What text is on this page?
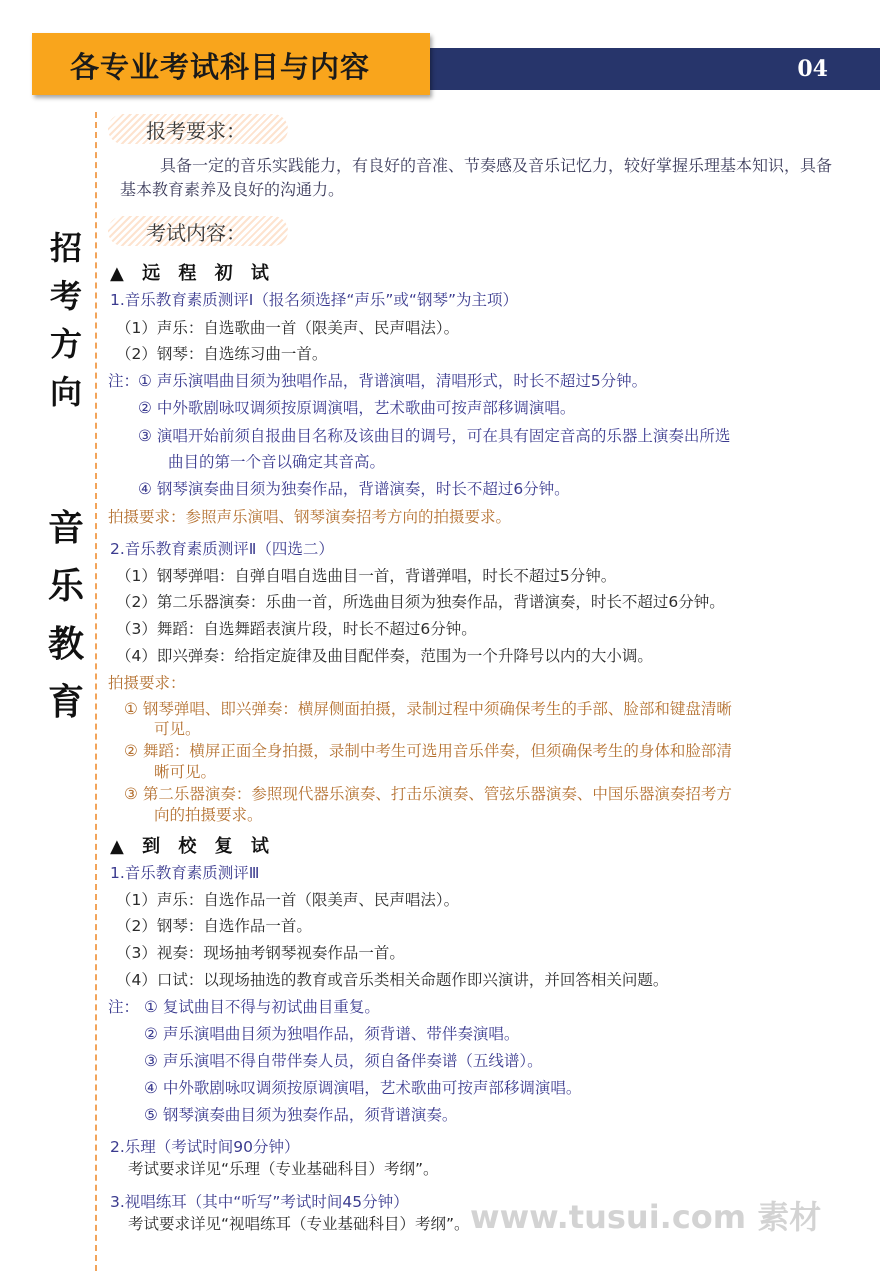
04
各专业考试科目与内容
招
考
方
向
音
乐
教
育
报考要求：
具备一定的音乐实践能力，有良好的音准、节奏感及音乐记忆力，较好掌握乐理基本知识，具备基本教育素养及良好的沟通力。
考试内容：
▲ 远 程 初 试
1.音乐教育素质测评Ⅰ（报名须选择“声乐”或“钢琴”为主项）
（1）声乐：自选歌曲一首（限美声、民声唱法）。
（2）钢琴：自选练习曲一首。
注：
① 声乐演唱曲目须为独唱作品，背谱演唱，清唱形式，时长不超过5分钟。
② 中外歌剧咏叹调须按原调演唱，艺术歌曲可按声部移调演唱。
③ 演唱开始前须自报曲目名称及该曲目的调号，可在具有固定音高的乐器上演奏出所选
曲目的第一个音以确定其音高。
④ 钢琴演奏曲目须为独奏作品，背谱演奏，时长不超过6分钟。
拍摄要求：参照声乐演唱、钢琴演奏招考方向的拍摄要求。
2.音乐教育素质测评Ⅱ（四选二）
（1）钢琴弹唱：自弹自唱自选曲目一首，背谱弹唱，时长不超过5分钟。
（2）第二乐器演奏：乐曲一首，所选曲目须为独奏作品，背谱演奏，时长不超过6分钟。
（3）舞蹈：自选舞蹈表演片段，时长不超过6分钟。
（4）即兴弹奏：给指定旋律及曲目配伴奏，范围为一个升降号以内的大小调。
拍摄要求：
① 钢琴弹唱、即兴弹奏：横屏侧面拍摄，录制过程中须确保考生的手部、脸部和键盘清晰
可见。
② 舞蹈：横屏正面全身拍摄，录制中考生可选用音乐伴奏，但须确保考生的身体和脸部清
晰可见。
③ 第二乐器演奏：参照现代器乐演奏、打击乐演奏、管弦乐器演奏、中国乐器演奏招考方
向的拍摄要求。
▲ 到 校 复 试
1.音乐教育素质测评Ⅲ
（1）声乐：自选作品一首（限美声、民声唱法）。
（2）钢琴：自选作品一首。
（3）视奏：现场抽考钢琴视奏作品一首。
（4）口试：以现场抽选的教育或音乐类相关命题作即兴演讲，并回答相关问题。
注： ① 复试曲目不得与初试曲目重复。
② 声乐演唱曲目须为独唱作品，须背谱、带伴奏演唱。
③ 声乐演唱不得自带伴奏人员，须自备伴奏谱（五线谱）。
④ 中外歌剧咏叹调须按原调演唱，艺术歌曲可按声部移调演唱。
⑤ 钢琴演奏曲目须为独奏作品，须背谱演奏。
2.乐理（考试时间90分钟）
考试要求详见“乐理（专业基础科目）考纲”。
3.视唱练耳（其中“听写”考试时间45分钟）
考试要求详见“视唱练耳（专业基础科目）考纲”。 www.tusui.com 素材
